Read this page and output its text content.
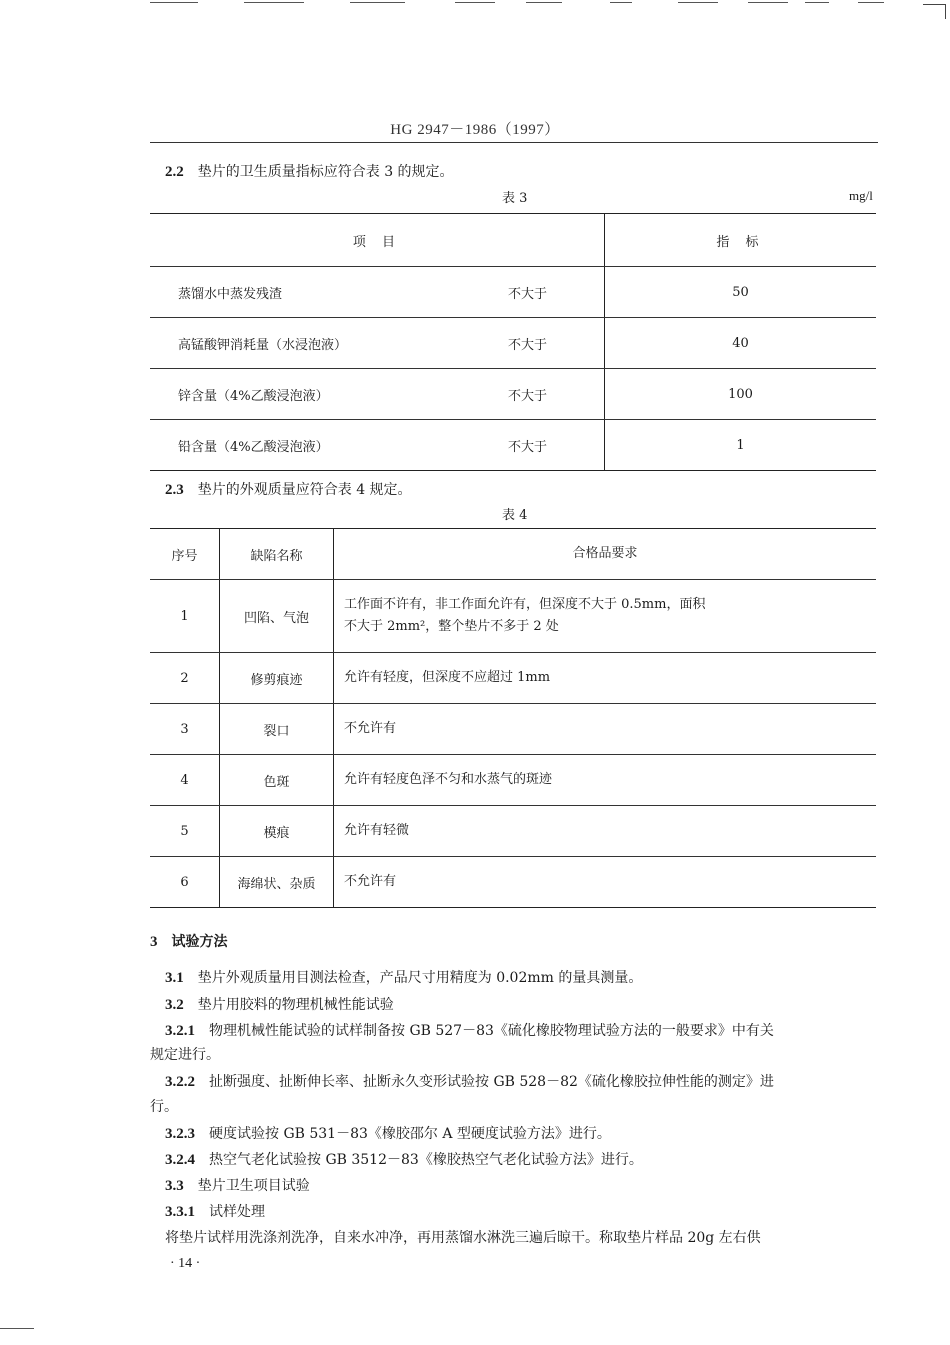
HG 2947－1986（1997）
2.2 垫片的卫生质量指标应符合表 3 的规定。
表 3	mg/l
项 目		指 标
蒸馏水中蒸发残渣	不大于	50
高锰酸钾消耗量（水浸泡液）	不大于	40
锌含量（4%乙酸浸泡液）	不大于	100
铅含量（4%乙酸浸泡液）	不大于	1
2.3 垫片的外观质量应符合表 4 规定。
表 4
序号	缺陷名称	合格品要求
1	凹陷、气泡	工作面不许有，非工作面允许有，但深度不大于 0.5mm，面积
不大于 2mm²，整个垫片不多于 2 处

2	修剪痕迹	允许有轻度，但深度不应超过 1mm
3	裂口	不允许有
4	色斑	允许有轻度色泽不匀和水蒸气的斑迹
5	模痕	允许有轻微
6	海绵状、杂质	不允许有
3 试验方法
3.1 垫片外观质量用目测法检查，产品尺寸用精度为 0.02mm 的量具测量。
3.2 垫片用胶料的物理机械性能试验
3.2.1 物理机械性能试验的试样制备按 GB 527－83《硫化橡胶物理试验方法的一般要求》中有关
规定进行。
3.2.2 扯断强度、扯断伸长率、扯断永久变形试验按 GB 528－82《硫化橡胶拉伸性能的测定》进
行。
3.2.3 硬度试验按 GB 531－83《橡胶邵尔 A 型硬度试验方法》进行。
3.2.4 热空气老化试验按 GB 3512－83《橡胶热空气老化试验方法》进行。
3.3 垫片卫生项目试验
3.3.1 试样处理
将垫片试样用洗涤剂洗净，自来水冲净，再用蒸馏水淋洗三遍后晾干。称取垫片样品 20g 左右供
· 14 ·
